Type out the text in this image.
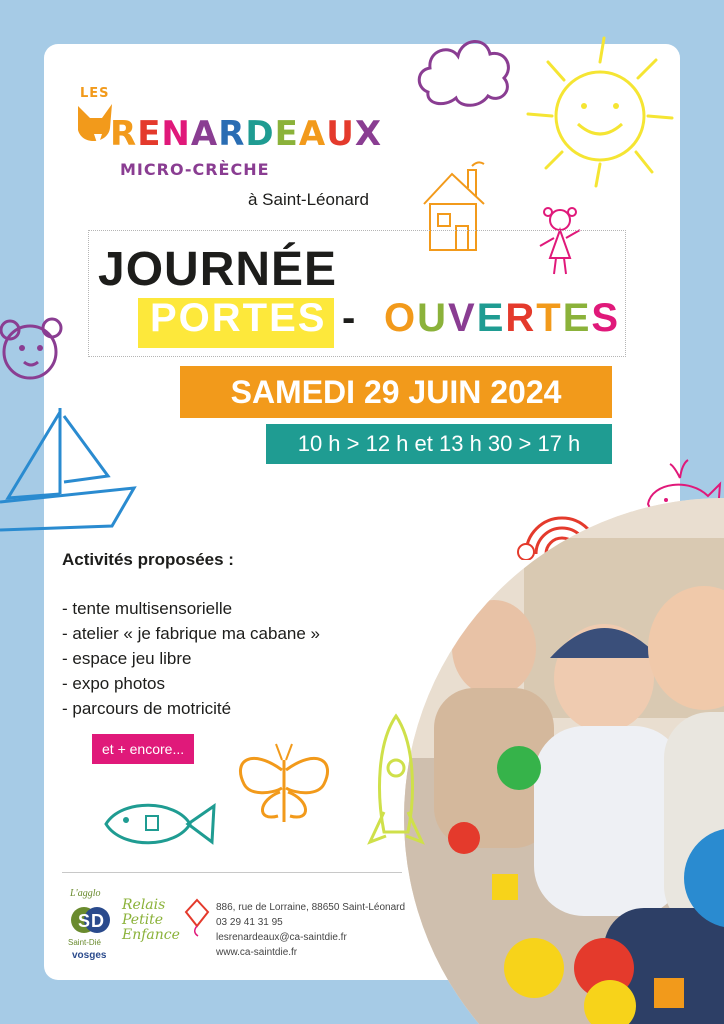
LES
RENARDEAUX
MICRO-CRÈCHE
à Saint-Léonard
JOURNÉE
PORTES - OUVERTES
SAMEDI 29 JUIN 2024
10 h > 12 h et 13 h 30 > 17 h
Activités proposées :
- tente multisensorielle
- atelier « je fabrique ma cabane »
- espace jeu libre
- expo photos
- parcours de motricité
et + encore...
L'agglo
S D
Saint-Dié
vosges
Relais Petite Enfance
886, rue de Lorraine, 88650 Saint-Léonard
03 29 41 31 95
lesrenardeaux@ca-saintdie.fr
www.ca-saintdie.fr
